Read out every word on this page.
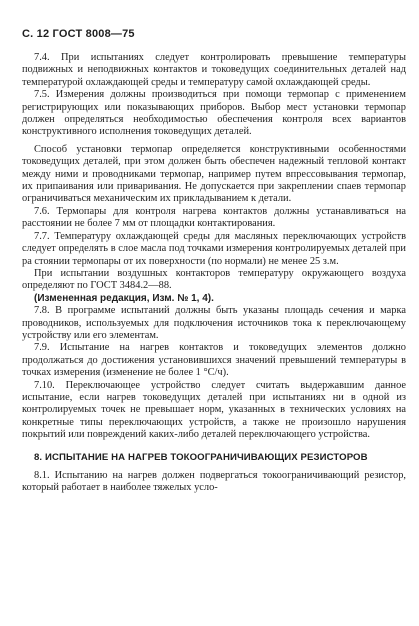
С. 12 ГОСТ 8008—75

7.4. При испытаниях следует контролировать превышение температуры подвижных и неподвижных контактов и токоведущих соединительных деталей над температурой охлаждающей среды и температуру самой охлаждающей среды.

7.5. Измерения должны производиться при помощи термопар с применением регистрирующих или показывающих приборов. Выбор мест установки термопар должен определяться необходимостью обеспечения контроля всех вариантов конструктивного исполнения токоведущих деталей.

Способ установки термопар определяется конструктивными особенностями токоведущих деталей, при этом должен быть обеспечен надежный тепловой контакт между ними и проводниками термопар, например путем впрессовывания термопар, их припаивания или приваривания. Не допускается при закреплении спаев термопар ограничиваться механическим их прикладыванием к детали.

7.6. Термопары для контроля нагрева контактов должны устанавливаться на расстоянии не более 7 мм от площадки контактирования.

7.7. Температуру охлаждающей среды для масляных переключающих устройств следует определять в слое масла под точками измерения контролируемых деталей при ра стоянии термопары от их поверхности (по нормали) не менее 25 з.м.

При испытании воздушных контакторов температуру окружающего воздуха определяют по ГОСТ 3484.2—88.

(Измененная редакция, Изм. № 1, 4).

7.8. В программе испытаний должны быть указаны площадь сечения и марка проводников, используемых для подключения источников тока к переключающему устройству или его элементам.

7.9. Испытание на нагрев контактов и токоведущих элементов должно продолжаться до достижения установившихся значений превышений температуры в точках измерения (изменение не более 1 °С/ч).

7.10. Переключающее устройство следует считать выдержавшим данное испытание, если нагрев токоведущих деталей при испытаниях ни в одной из контролируемых точек не превышает норм, указанных в технических условиях на конкретные типы переключающих устройств, а также не произошло нарушения покрытий или повреждений каких-либо деталей переключающего устройства.

8. ИСПЫТАНИЕ НА НАГРЕВ ТОКООГРАНИЧИВАЮЩИХ РЕЗИСТОРОВ

8.1. Испытанию на нагрев должен подвергаться токоограничивающий резистор, который работает в наиболее тяжелых усло-
